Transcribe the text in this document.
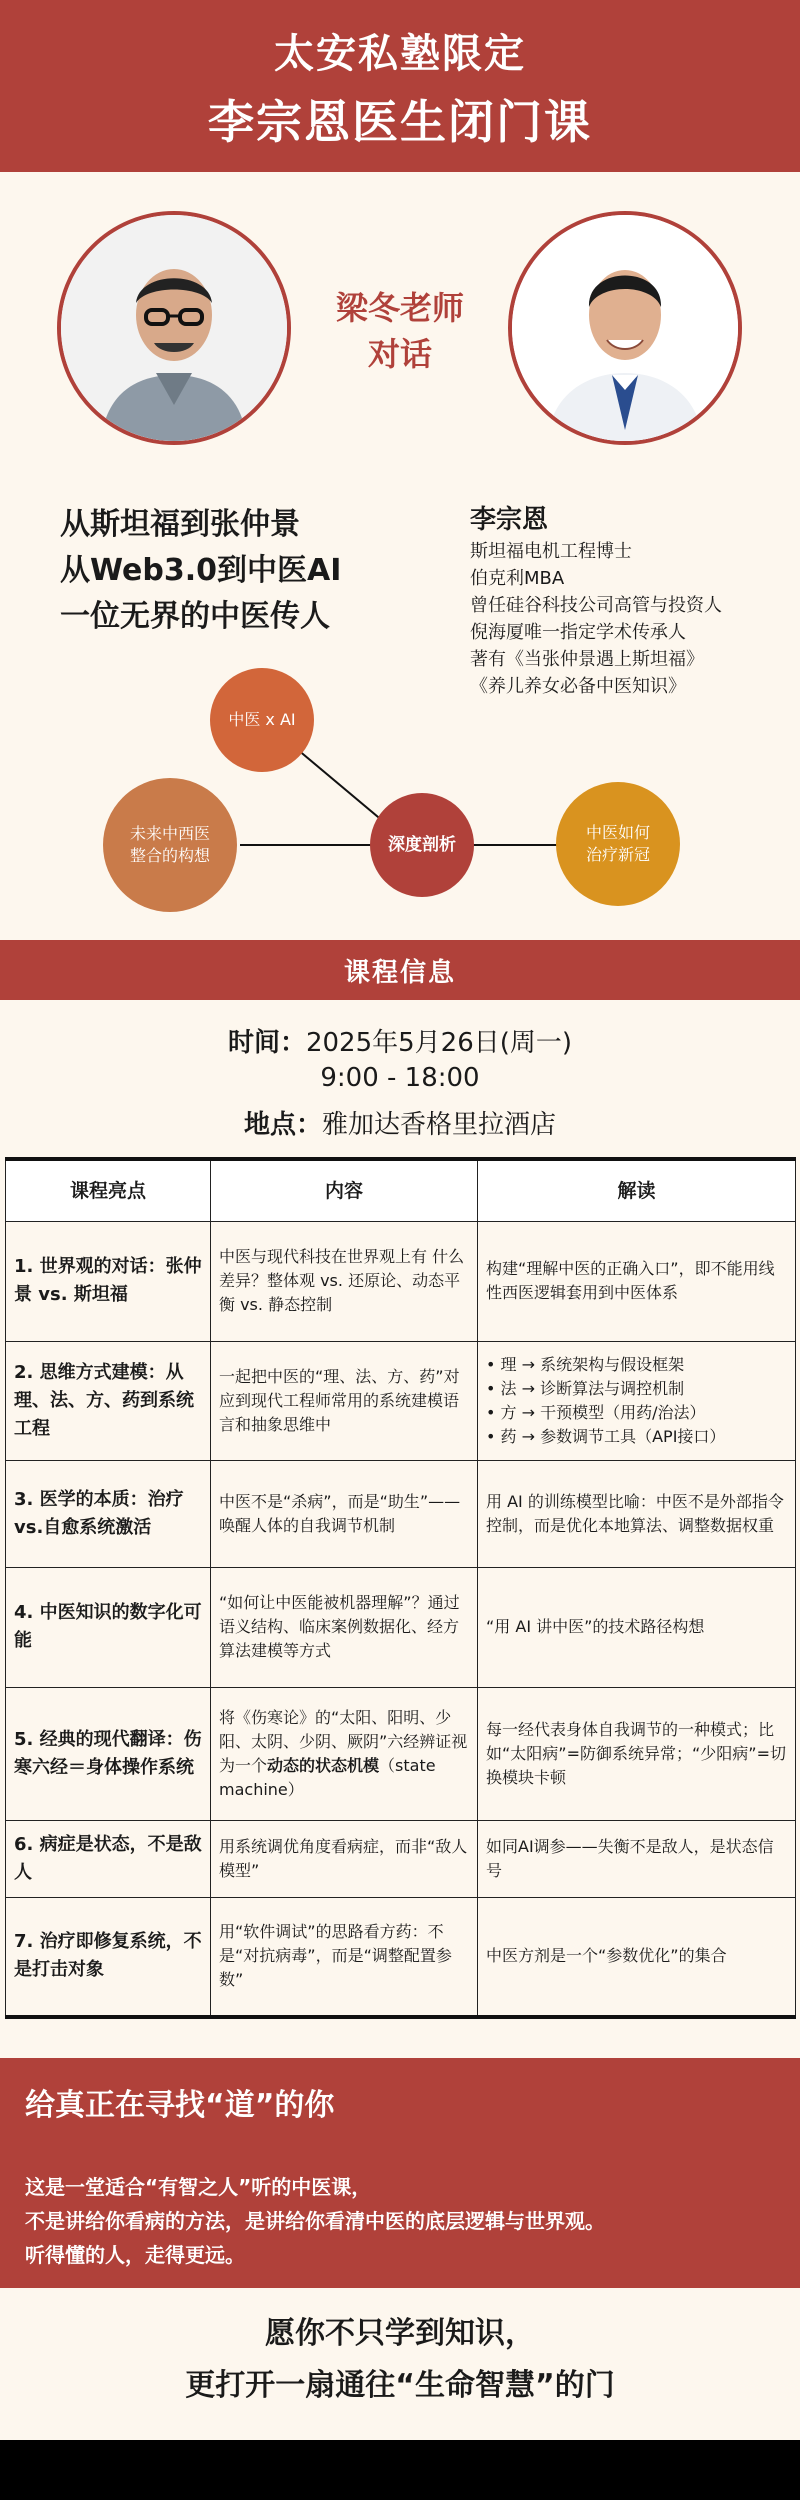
太安私塾限定
李宗恩医生闭门课
梁冬老师
对话
从斯坦福到张仲景
从Web3.0到中医AI
一位无界的中医传人
李宗恩
斯坦福电机工程博士
伯克利MBA
曾任硅谷科技公司高管与投资人
倪海厦唯一指定学术传承人
著有《当张仲景遇上斯坦福》
《养儿养女必备中医知识》
中医 x AI
未来中西医
整合的构想
深度剖析
中医如何
治疗新冠
课程信息
时间：2025年5月26日(周一)
9:00 - 18:00
地点：雅加达香格里拉酒店
课程亮点	内容	解读
1. 世界观的对话：张仲景 vs. 斯坦福	中医与现代科技在世界观上有 什么差异？整体观 vs. 还原论、动态平衡 vs. 静态控制	构建“理解中医的正确入口”，即不能用线性西医逻辑套用到中医体系

2. 思维方式建模：从理、法、方、药到系统工程	一起把中医的“理、法、方、药”对应到现代工程师常用的系统建模语言和抽象思维中	• 理 → 系统架构与假设框架
• 法 → 诊断算法与调控机制
• 方 → 干预模型（用药/治法）
• 药 → 参数调节工具（API接口）

3. 医学的本质：治疗vs.自愈系统激活	中医不是“杀病”，而是“助生”——唤醒人体的自我调节机制	用 AI 的训练模型比喻：中医不是外部指令控制，而是优化本地算法、调整数据权重

4. 中医知识的数字化可能	“如何让中医能被机器理解”？通过语义结构、临床案例数据化、经方算法建模等方式	“用 AI 讲中医”的技术路径构想

5. 经典的现代翻译：伤寒六经＝身体操作系统	将《伤寒论》的“太阳、阳明、少阳、太阴、少阴、厥阴”六经辨证视为一个动态的状态机模（state machine）	每一经代表身体自我调节的一种模式；比如“太阳病”=防御系统异常；“少阳病”=切换模块卡顿

6. 病症是状态，不是敌人	用系统调优角度看病症，而非“敌人模型”	如同AI调参——失衡不是敌人，是状态信号

7. 治疗即修复系统，不是打击对象	用“软件调试”的思路看方药：不是“对抗病毒”，而是“调整配置参数”	中医方剂是一个“参数优化”的集合
给真正在寻找“道”的你
这是一堂适合“有智之人”听的中医课，
不是讲给你看病的方法，是讲给你看清中医的底层逻辑与世界观。
听得懂的人，走得更远。
愿你不只学到知识，
更打开一扇通往“生命智慧”的门
